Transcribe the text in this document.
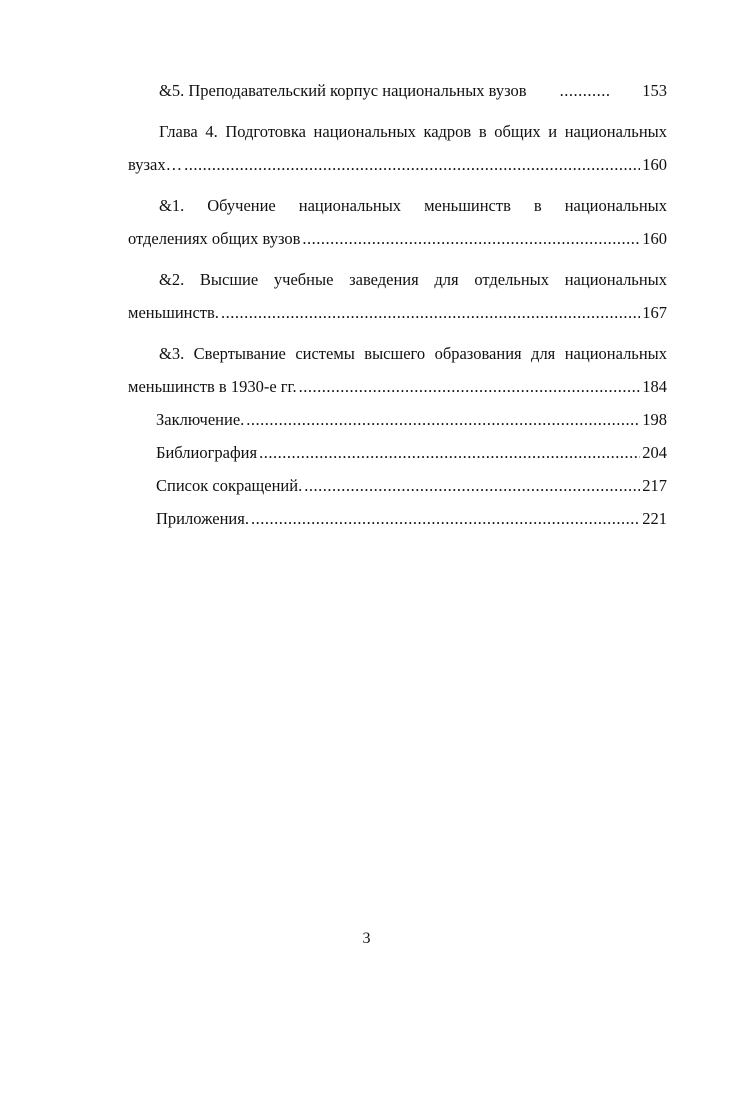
&5. Преподавательский корпус национальных вузов .....	153
Глава 4. Подготовка национальных кадров в общих и национальных
вузах… .....	160
&1. Обучение национальных меньшинств в национальных
отделениях общих вузов .....	160
&2. Высшие учебные заведения для отдельных национальных
меньшинств. .....	167
&3. Свертывание системы высшего образования для национальных
меньшинств в 1930-е гг. .....	184
Заключение. .....	198
Библиография .....	204
Список сокращений. .....	217
Приложения. .....	221
3
